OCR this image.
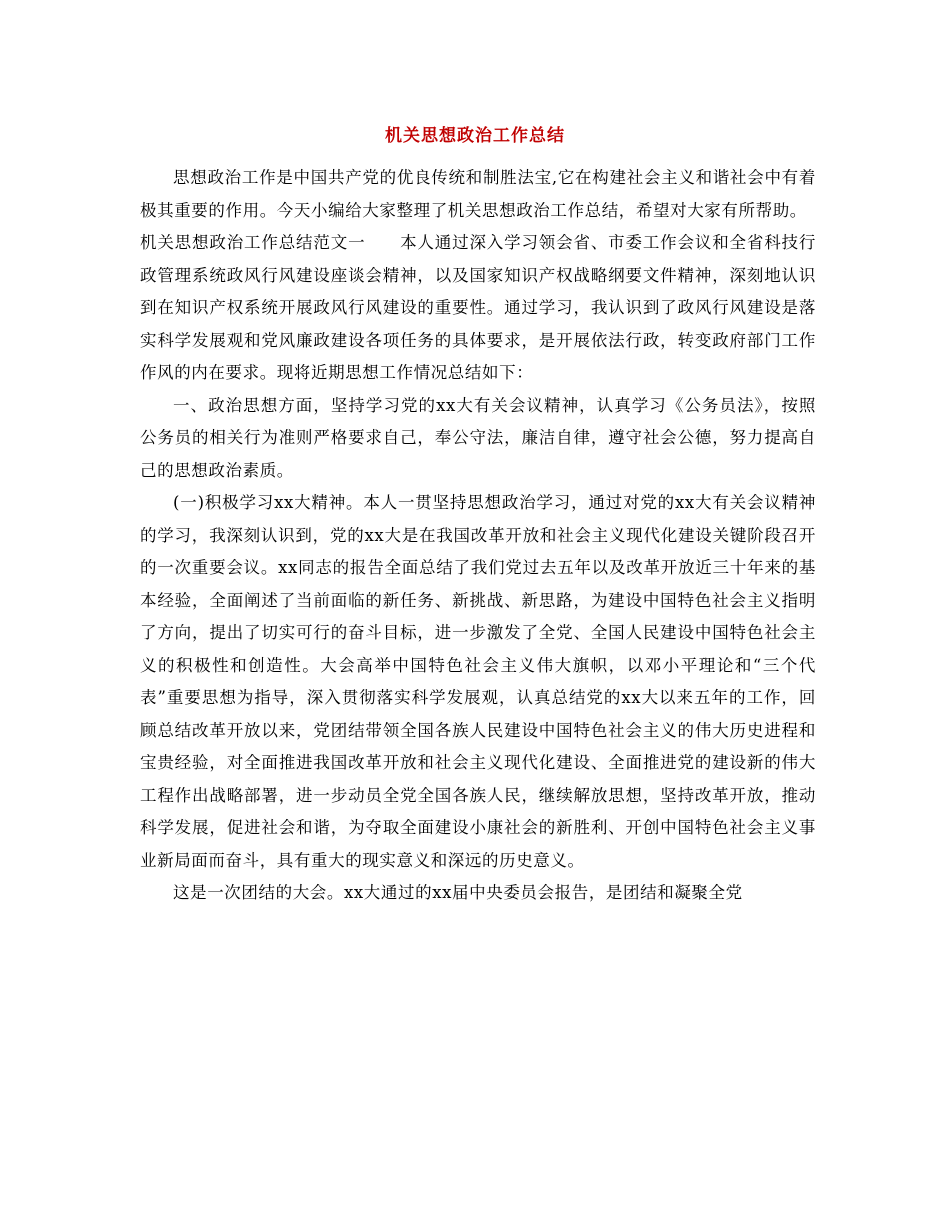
机关思想政治工作总结

思想政治工作是中国共产党的优良传统和制胜法宝,它在构建社会主义和谐社会中有着极其重要的作用。今天小编给大家整理了机关思想政治工作总结，希望对大家有所帮助。

机关思想政治工作总结范文一　　本人通过深入学习领会省、市委工作会议和全省科技行政管理系统政风行风建设座谈会精神，以及国家知识产权战略纲要文件精神，深刻地认识到在知识产权系统开展政风行风建设的重要性。通过学习，我认识到了政风行风建设是落实科学发展观和党风廉政建设各项任务的具体要求，是开展依法行政，转变政府部门工作作风的内在要求。现将近期思想工作情况总结如下：

一、政治思想方面，坚持学习党的xx大有关会议精神，认真学习《公务员法》，按照公务员的相关行为准则严格要求自己，奉公守法，廉洁自律，遵守社会公德，努力提高自己的思想政治素质。

(一)积极学习xx大精神。本人一贯坚持思想政治学习，通过对党的xx大有关会议精神的学习，我深刻认识到，党的xx大是在我国改革开放和社会主义现代化建设关键阶段召开的一次重要会议。xx同志的报告全面总结了我们党过去五年以及改革开放近三十年来的基本经验，全面阐述了当前面临的新任务、新挑战、新思路，为建设中国特色社会主义指明了方向，提出了切实可行的奋斗目标，进一步激发了全党、全国人民建设中国特色社会主义的积极性和创造性。大会高举中国特色社会主义伟大旗帜，以邓小平理论和“三个代表”重要思想为指导，深入贯彻落实科学发展观，认真总结党的xx大以来五年的工作，回顾总结改革开放以来，党团结带领全国各族人民建设中国特色社会主义的伟大历史进程和宝贵经验，对全面推进我国改革开放和社会主义现代化建设、全面推进党的建设新的伟大工程作出战略部署，进一步动员全党全国各族人民，继续解放思想，坚持改革开放，推动科学发展，促进社会和谐，为夺取全面建设小康社会的新胜利、开创中国特色社会主义事业新局面而奋斗，具有重大的现实意义和深远的历史意义。

这是一次团结的大会。xx大通过的xx届中央委员会报告，是团结和凝聚全党
